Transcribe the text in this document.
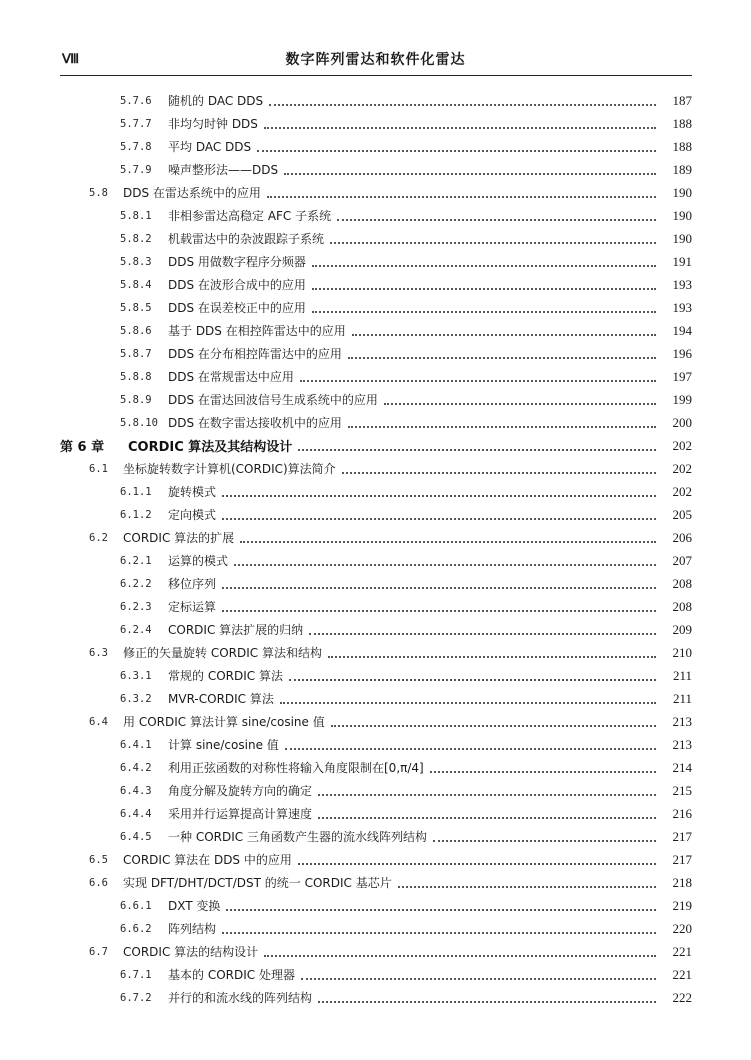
Ⅷ	数字阵列雷达和软件化雷达
5.7.6	随机的 DAC DDS	187
5.7.7	非均匀时钟 DDS	188
5.7.8	平均 DAC DDS	188
5.7.9	噪声整形法——DDS	189
5.8	DDS 在雷达系统中的应用	190
5.8.1	非相参雷达高稳定 AFC 子系统	190
5.8.2	机载雷达中的杂波跟踪子系统	190
5.8.3	DDS 用做数字程序分频器	191
5.8.4	DDS 在波形合成中的应用	193
5.8.5	DDS 在误差校正中的应用	193
5.8.6	基于 DDS 在相控阵雷达中的应用	194
5.8.7	DDS 在分布相控阵雷达中的应用	196
5.8.8	DDS 在常规雷达中应用	197
5.8.9	DDS 在雷达回波信号生成系统中的应用	199
5.8.10 DDS 在数字雷达接收机中的应用	200
第 6 章	CORDIC 算法及其结构设计	202
6.1	坐标旋转数字计算机(CORDIC)算法简介	202
6.1.1	旋转模式	202
6.1.2	定向模式	205
6.2	CORDIC 算法的扩展	206
6.2.1	运算的模式	207
6.2.2	移位序列	208
6.2.3	定标运算	208
6.2.4	CORDIC 算法扩展的归纳	209
6.3	修正的矢量旋转 CORDIC 算法和结构	210
6.3.1	常规的 CORDIC 算法	211
6.3.2	MVR-CORDIC 算法	211
6.4	用 CORDIC 算法计算 sine/cosine 值	213
6.4.1	计算 sine/cosine 值	213
6.4.2	利用正弦函数的对称性将输入角度限制在[0,π/4]	214
6.4.3	角度分解及旋转方向的确定	215
6.4.4	采用并行运算提高计算速度	216
6.4.5	一种 CORDIC 三角函数产生器的流水线阵列结构	217
6.5	CORDIC 算法在 DDS 中的应用	217
6.6	实现 DFT/DHT/DCT/DST 的统一 CORDIC 基芯片	218
6.6.1	DXT 变换	219
6.6.2	阵列结构	220
6.7	CORDIC 算法的结构设计	221
6.7.1	基本的 CORDIC 处理器	221
6.7.2	并行的和流水线的阵列结构	222
